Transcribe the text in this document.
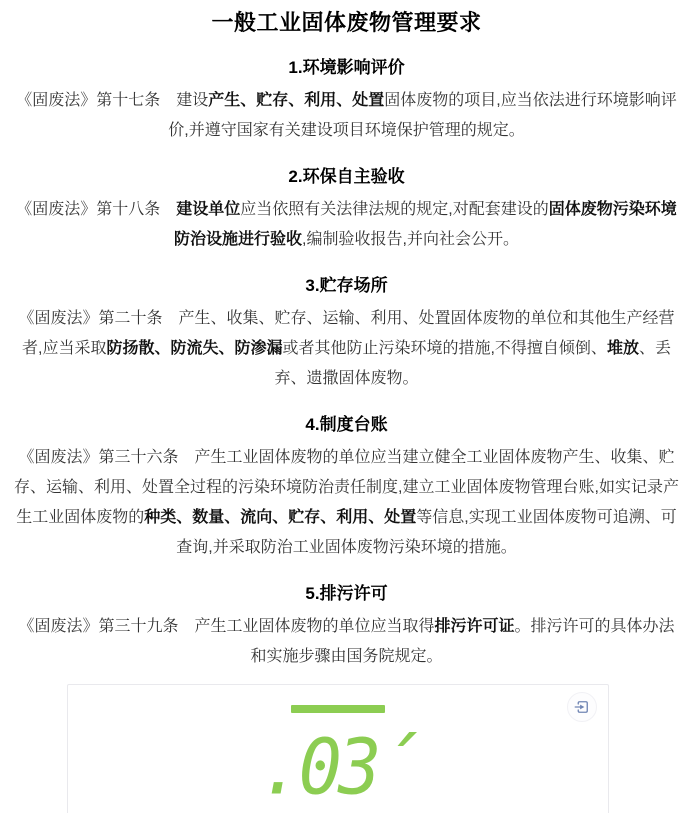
一般工业固体废物管理要求
1.环境影响评价

《固废法》第十七条　建设产生、贮存、利用、处置固体废物的项目,应当依法进行环境影响评价,并遵守国家有关建设项目环境保护管理的规定。

2.环保自主验收

《固废法》第十八条　建设单位应当依照有关法律法规的规定,对配套建设的固体废物污染环境防治设施进行验收,编制验收报告,并向社会公开。

3.贮存场所

《固废法》第二十条　产生、收集、贮存、运输、利用、处置固体废物的单位和其他生产经营者,应当采取防扬散、防流失、防渗漏或者其他防止污染环境的措施,不得擅自倾倒、堆放、丢弃、遗撒固体废物。

4.制度台账

《固废法》第三十六条　产生工业固体废物的单位应当建立健全工业固体废物产生、收集、贮存、运输、利用、处置全过程的污染环境防治责任制度,建立工业固体废物管理台账,如实记录产生工业固体废物的种类、数量、流向、贮存、利用、处置等信息,实现工业固体废物可追溯、可查询,并采取防治工业固体废物污染环境的措施。

5.排污许可

《固废法》第三十九条　产生工业固体废物的单位应当取得排污许可证。排污许可的具体办法和实施步骤由国务院规定。

.03´
